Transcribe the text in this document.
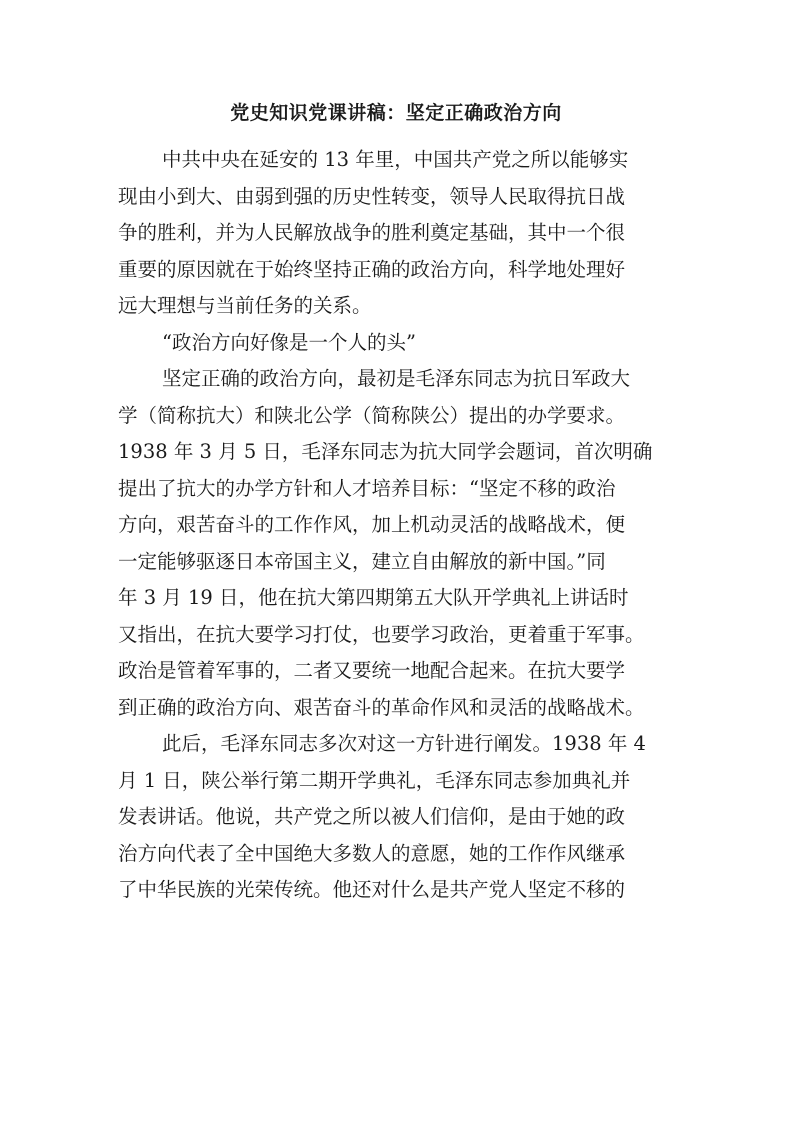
党史知识党课讲稿：坚定正确政治方向
中共中央在延安的 13 年里，中国共产党之所以能够实
现由小到大、由弱到强的历史性转变，领导人民取得抗日战
争的胜利，并为人民解放战争的胜利奠定基础，其中一个很
重要的原因就在于始终坚持正确的政治方向，科学地处理好
远大理想与当前任务的关系。
“政治方向好像是一个人的头”
坚定正确的政治方向，最初是毛泽东同志为抗日军政大
学（简称抗大）和陕北公学（简称陕公）提出的办学要求。
1938 年 3 月 5 日，毛泽东同志为抗大同学会题词，首次明确
提出了抗大的办学方针和人才培养目标：“坚定不移的政治
方向，艰苦奋斗的工作作风，加上机动灵活的战略战术，便
一定能够驱逐日本帝国主义，建立自由解放的新中国。”同
年 3 月 19 日，他在抗大第四期第五大队开学典礼上讲话时
又指出，在抗大要学习打仗，也要学习政治，更着重于军事。
政治是管着军事的，二者又要统一地配合起来。在抗大要学
到正确的政治方向、艰苦奋斗的革命作风和灵活的战略战术。
此后，毛泽东同志多次对这一方针进行阐发。1938 年 4
月 1 日，陕公举行第二期开学典礼，毛泽东同志参加典礼并
发表讲话。他说，共产党之所以被人们信仰，是由于她的政
治方向代表了全中国绝大多数人的意愿，她的工作作风继承
了中华民族的光荣传统。他还对什么是共产党人坚定不移的
